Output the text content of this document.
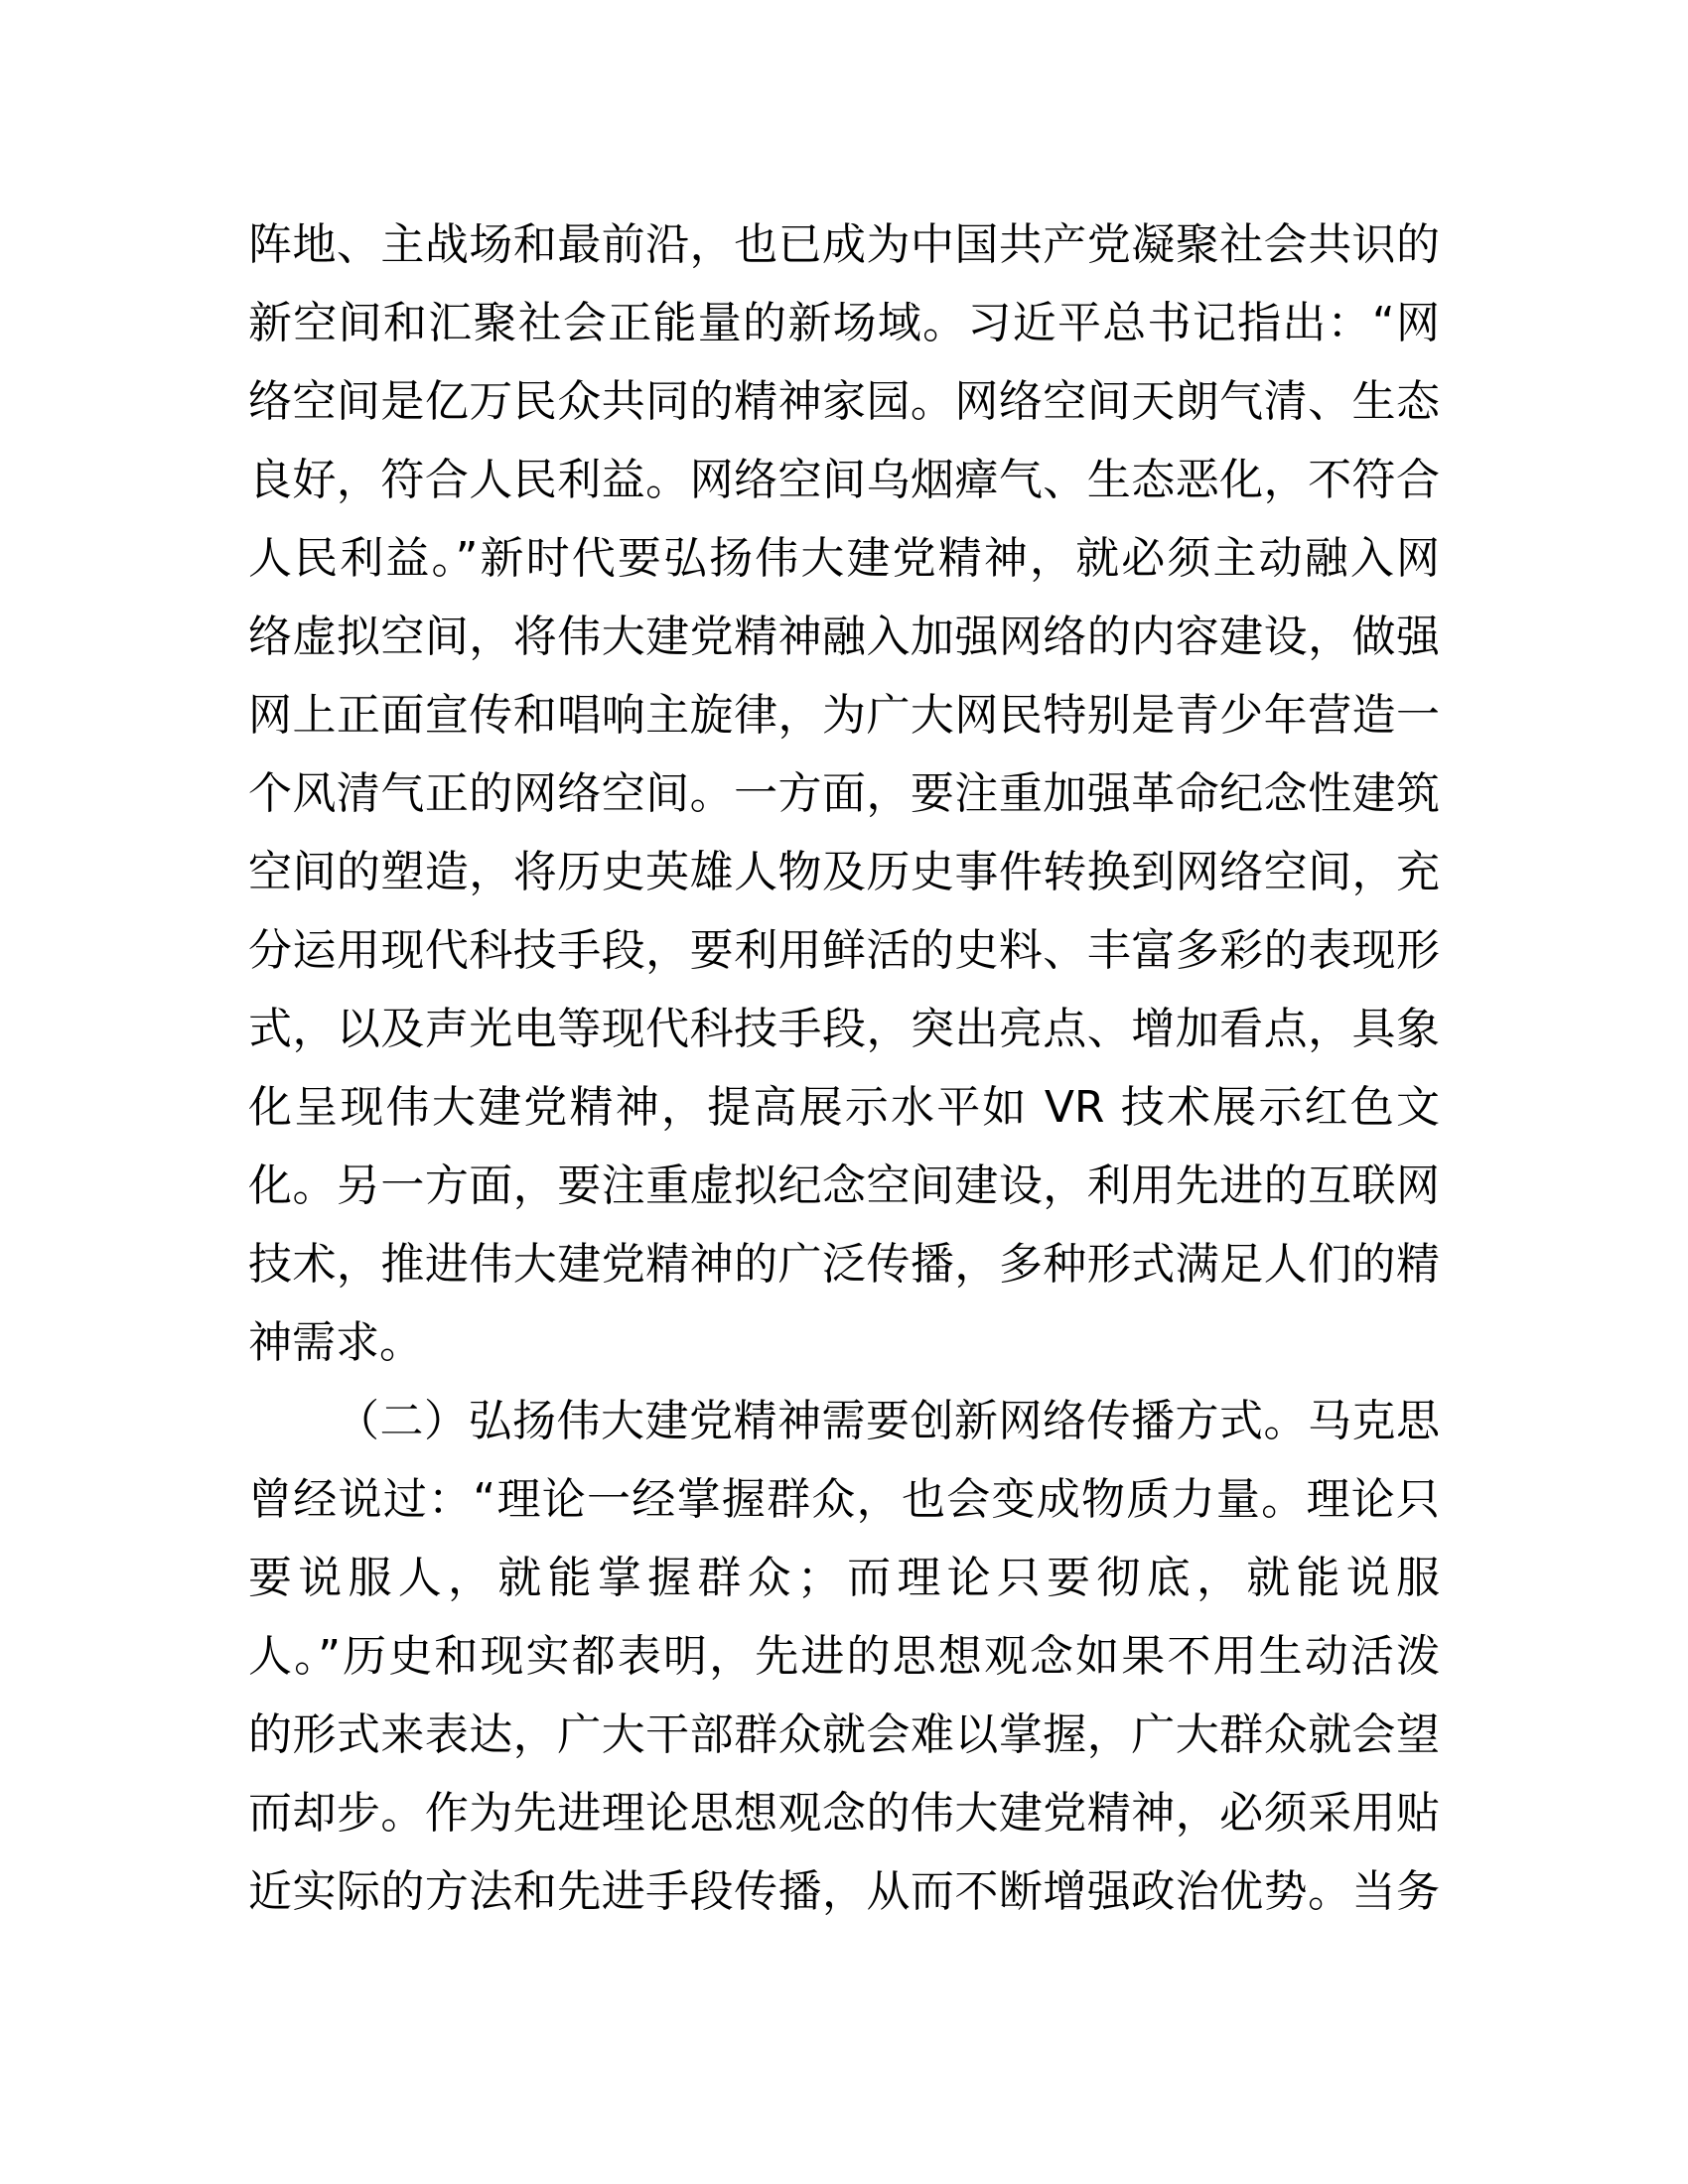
阵地、主战场和最前沿，也已成为中国共产党凝聚社会共识的
新空间和汇聚社会正能量的新场域。习近平总书记指出：“网
络空间是亿万民众共同的精神家园。网络空间天朗气清、生态
良好，符合人民利益。网络空间乌烟瘴气、生态恶化，不符合
人民利益。”新时代要弘扬伟大建党精神，就必须主动融入网
络虚拟空间，将伟大建党精神融入加强网络的内容建设，做强
网上正面宣传和唱响主旋律，为广大网民特别是青少年营造一
个风清气正的网络空间。一方面，要注重加强革命纪念性建筑
空间的塑造，将历史英雄人物及历史事件转换到网络空间，充
分运用现代科技手段，要利用鲜活的史料、丰富多彩的表现形
式，以及声光电等现代科技手段，突出亮点、增加看点，具象
化呈现伟大建党精神，提高展示水平如 VR 技术展示红色文
化。另一方面，要注重虚拟纪念空间建设，利用先进的互联网
技术，推进伟大建党精神的广泛传播，多种形式满足人们的精
神需求。
（二）弘扬伟大建党精神需要创新网络传播方式。马克思
曾经说过：“理论一经掌握群众，也会变成物质力量。理论只
要说服人，就能掌握群众；而理论只要彻底，就能说服
人。”历史和现实都表明，先进的思想观念如果不用生动活泼
的形式来表达，广大干部群众就会难以掌握，广大群众就会望
而却步。作为先进理论思想观念的伟大建党精神，必须采用贴
近实际的方法和先进手段传播，从而不断增强政治优势。当务
